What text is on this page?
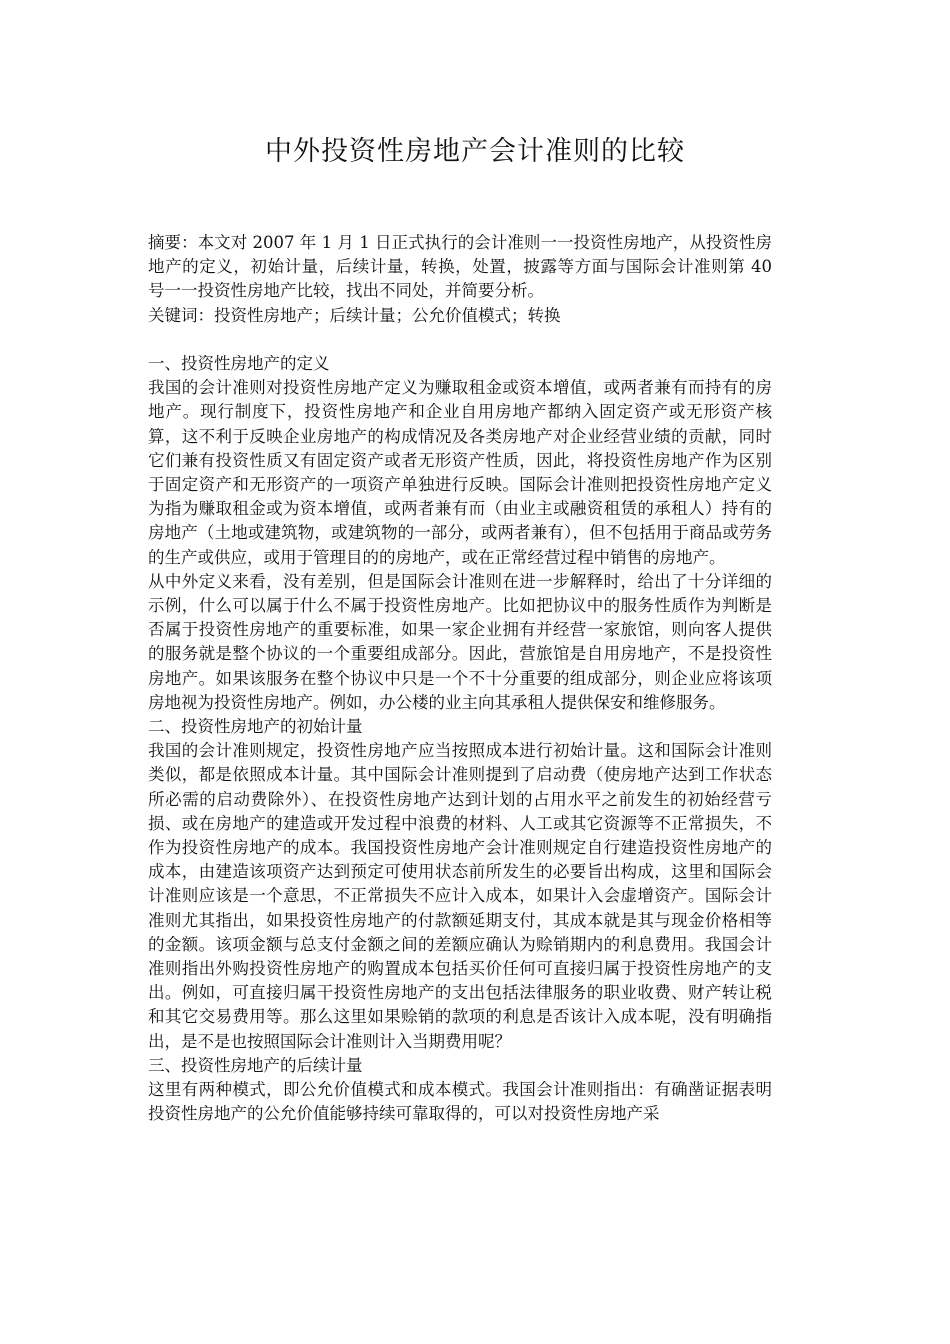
中外投资性房地产会计准则的比较

摘要：本文对 2007 年 1 月 1 日正式执行的会计准则一一投资性房地产，从投资性房地产的定义，初始计量，后续计量，转换，处置，披露等方面与国际会计准则第 40 号一一投资性房地产比较，找出不同处，并简要分析。

关键词：投资性房地产；后续计量；公允价值模式；转换

一、投资性房地产的定义

我国的会计准则对投资性房地产定义为赚取租金或资本增值，或两者兼有而持有的房地产。现行制度下，投资性房地产和企业自用房地产都纳入固定资产或无形资产核算，这不利于反映企业房地产的构成情况及各类房地产对企业经营业绩的贡献，同时它们兼有投资性质又有固定资产或者无形资产性质，因此，将投资性房地产作为区别于固定资产和无形资产的一项资产单独进行反映。国际会计准则把投资性房地产定义为指为赚取租金或为资本增值，或两者兼有而（由业主或融资租赁的承租人）持有的房地产（土地或建筑物，或建筑物的一部分，或两者兼有），但不包括用于商品或劳务的生产或供应，或用于管理目的的房地产，或在正常经营过程中销售的房地产。

从中外定义来看，没有差别，但是国际会计准则在进一步解释时，给出了十分详细的示例，什么可以属于什么不属于投资性房地产。比如把协议中的服务性质作为判断是否属于投资性房地产的重要标准，如果一家企业拥有并经营一家旅馆，则向客人提供的服务就是整个协议的一个重要组成部分。因此，营旅馆是自用房地产，不是投资性房地产。如果该服务在整个协议中只是一个不十分重要的组成部分，则企业应将该项房地视为投资性房地产。例如，办公楼的业主向其承租人提供保安和维修服务。

二、投资性房地产的初始计量

我国的会计准则规定，投资性房地产应当按照成本进行初始计量。这和国际会计准则类似，都是依照成本计量。其中国际会计准则提到了启动费（使房地产达到工作状态所必需的启动费除外）、在投资性房地产达到计划的占用水平之前发生的初始经营亏损、或在房地产的建造或开发过程中浪费的材料、人工或其它资源等不正常损失，不作为投资性房地产的成本。我国投资性房地产会计准则规定自行建造投资性房地产的成本，由建造该项资产达到预定可使用状态前所发生的必要旨出构成，这里和国际会计准则应该是一个意思，不正常损失不应计入成本，如果计入会虚增资产。国际会计准则尤其指出，如果投资性房地产的付款额延期支付，其成本就是其与现金价格相等的金额。该项金额与总支付金额之间的差额应确认为赊销期内的利息费用。我国会计准则指出外购投资性房地产的购置成本包括买价任何可直接归属于投资性房地产的支出。例如，可直接归属干投资性房地产的支出包括法律服务的职业收费、财产转让税和其它交易费用等。那么这里如果赊销的款项的利息是否该计入成本呢，没有明确指出，是不是也按照国际会计准则计入当期费用呢？

三、投资性房地产的后续计量

这里有两种模式，即公允价值模式和成本模式。我国会计准则指出：有确凿证据表明投资性房地产的公允价值能够持续可靠取得的，可以对投资性房地产采
